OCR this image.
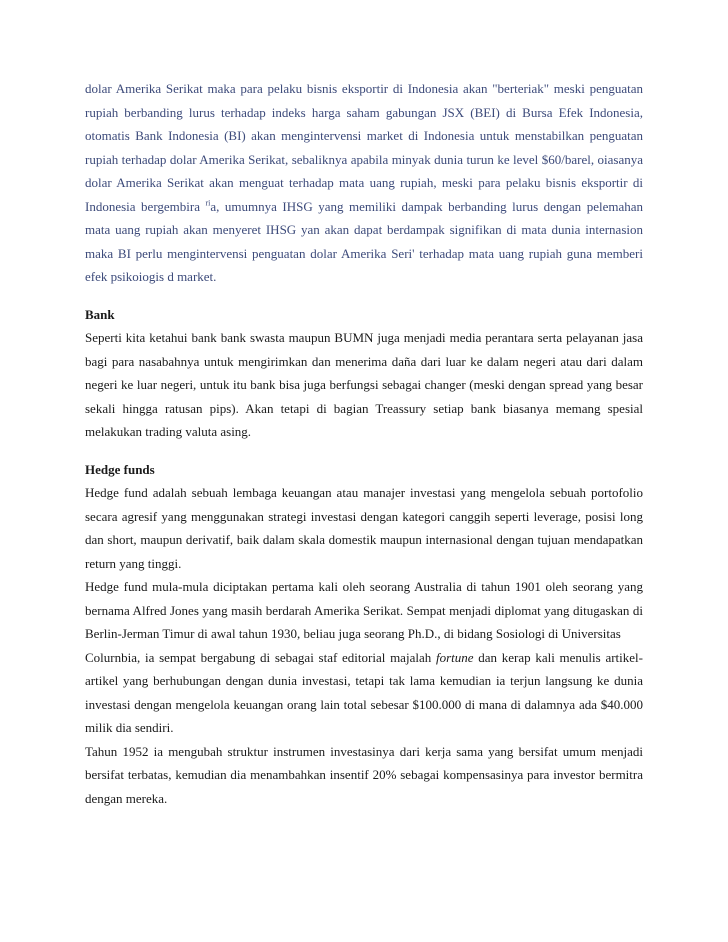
dolar Amerika Serikat maka para pelaku bisnis eksportir di Indonesia akan "berteriak" meski penguatan rupiah berbanding lurus terhadap indeks harga saham gabungan JSX (BEI) di Bursa Efek Indonesia, otomatis Bank Indonesia (BI) akan mengintervensi market di Indonesia untuk menstabilkan penguatan rupiah terhadap dolar Amerika Serikat, sebaliknya apabila minyak dunia turun ke level $60/barel, oiasanya dolar Amerika Serikat akan menguat terhadap mata uang rupiah, meski para pelaku bisnis eksportir di Indonesia bergembira $^{ri}$a, umumnya IHSG yang memiliki dampak berbanding lurus dengan pelemahan mata uang rupiah akan menyeret IHSG yan akan dapat berdampak signifikan di mata dunia internasion maka BI perlu mengintervensi penguatan dolar Amerika Seri' terhadap mata uang rupiah guna memberi efek psikoiogis d market.

Bank

Seperti kita ketahui bank bank swasta maupun BUMN juga menjadi media perantara serta pelayanan jasa bagi para nasabahnya untuk mengirimkan dan menerima daña dari luar ke dalam negeri atau dari dalam negeri ke luar negeri, untuk itu bank bisa juga berfungsi sebagai changer (meski dengan spread yang besar sekali hingga ratusan pips). Akan tetapi di bagian Treassury setiap bank biasanya memang spesial melakukan trading valuta asing.

Hedge funds

Hedge fund adalah sebuah lembaga keuangan atau manajer investasi yang mengelola sebuah portofolio secara agresif yang menggunakan strategi investasi dengan kategori canggih seperti leverage, posisi long dan short, maupun derivatif, baik dalam skala domestik maupun internasional dengan tujuan mendapatkan return yang tinggi.

Hedge fund mula-mula diciptakan pertama kali oleh seorang Australia di tahun 1901 oleh seorang yang bernama Alfred Jones yang masih berdarah Amerika Serikat. Sempat menjadi diplomat yang ditugaskan di Berlin-Jerman Timur di awal tahun 1930, beliau juga seorang Ph.D., di bidang Sosiologi di Universitas

Colurnbia, ia sempat bergabung di sebagai staf editorial majalah fortune dan kerap kali menulis artikel-artikel yang berhubungan dengan dunia investasi, tetapi tak lama kemudian ia terjun langsung ke dunia investasi dengan mengelola keuangan orang lain total sebesar $100.000 di mana di dalamnya ada $40.000 milik dia sendiri.

Tahun 1952 ia mengubah struktur instrumen investasinya dari kerja sama yang bersifat umum menjadi bersifat terbatas, kemudian dia menambahkan insentif 20% sebagai kompensasinya para investor bermitra dengan mereka.
